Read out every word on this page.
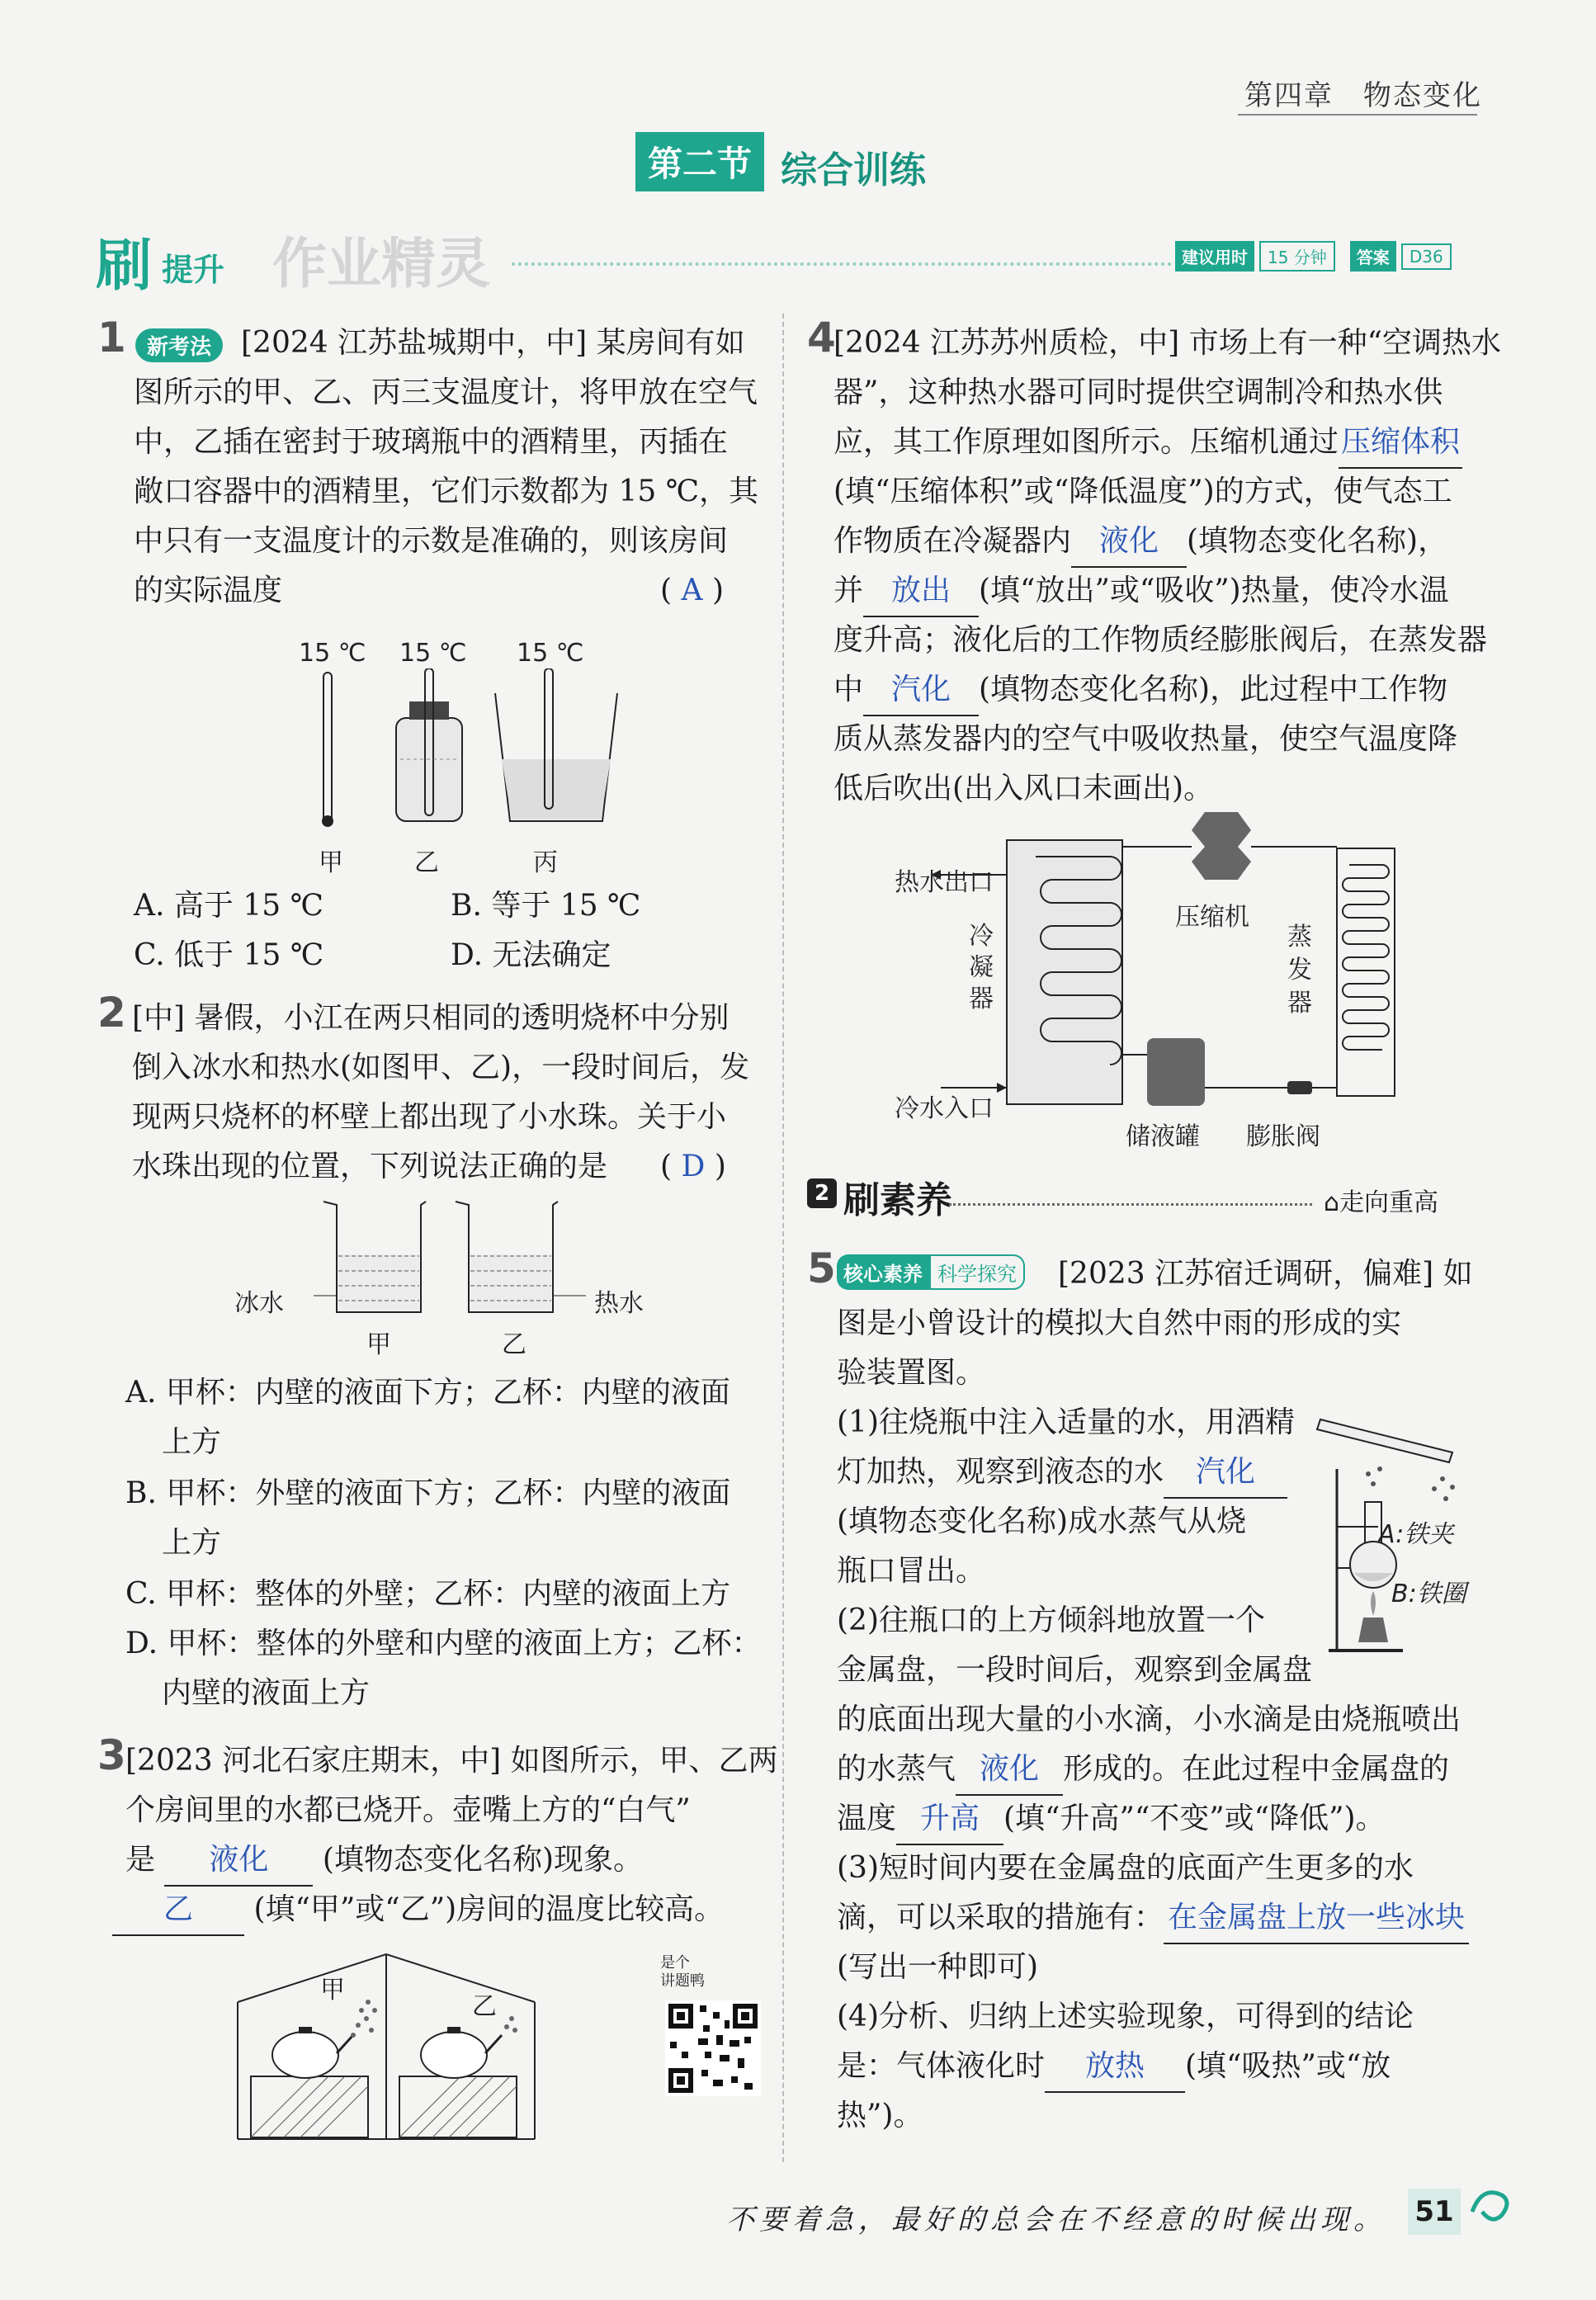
第四章　 物态变化
第二节 综合训练
刷 提升 作业精灵	建议用时	15 分钟	答案	D36
1 新考法 [2024 江苏盐城期中，中] 某房间有如
图所示的甲、乙、丙三支温度计，将甲放在空气
中，乙插在密封于玻璃瓶中的酒精里，丙插在
敞口容器中的酒精里，它们示数都为 15 ℃，其
中只有一支温度计的示数是准确的，则该房间
的实际温度	( A )
15 ℃ 15 ℃ 15 ℃
甲	乙	丙
A. 高于 15 ℃	B. 等于 15 ℃
C. 低于 15 ℃	D. 无法确定
2 [中] 暑假，小江在两只相同的透明烧杯中分别
倒入冰水和热水(如图甲、乙)，一段时间后，发
现两只烧杯的杯壁上都出现了小水珠。关于小
水珠出现的位置，下列说法正确的是 ( D )
冰水	热水
甲	乙
A. 甲杯：内壁的液面下方；乙杯：内壁的液面
上方
B. 甲杯：外壁的液面下方；乙杯：内壁的液面
上方
C. 甲杯：整体的外壁；乙杯：内壁的液面上方
D. 甲杯：整体的外壁和内壁的液面上方；乙杯：
内壁的液面上方
3 [2023 河北石家庄期末，中] 如图所示，甲、乙两
个房间里的水都已烧开。壶嘴上方的“白气”
是 液化 (填物态变化名称)现象。
乙 (填“甲”或“乙”)房间的温度比较高。
甲
乙
是个
讲题鸭
4
[2024 江苏苏州质检，中] 市场上有一种“空调热水
器”，这种热水器可同时提供空调制冷和热水供
应，其工作原理如图所示。压缩机通过压缩体积
(填“压缩体积”或“降低温度”)的方式，使气态工
作物质在冷凝器内 液化 (填物态变化名称)，
并 放出 (填“放出”或“吸收”)热量，使冷水温
度升高；液化后的工作物质经膨胀阀后，在蒸发器
中 汽化 (填物态变化名称)，此过程中工作物
质从蒸发器内的空气中吸收热量，使空气温度降
低后吹出(出入风口未画出)。
热水出口
冷
凝
器
压缩机
蒸
发
器
冷水入口
储液罐 膨胀阀
2 刷素养	⌂走向重高
5 核心素养 科学探究 [2023 江苏宿迁调研，偏难] 如
图是小曾设计的模拟大自然中雨的形成的实
验装置图。
(1)往烧瓶中注入适量的水，用酒精
灯加热，观察到液态的水 汽化
(填物态变化名称)成水蒸气从烧
瓶口冒出。
(2)往瓶口的上方倾斜地放置一个
金属盘，一段时间后，观察到金属盘
的底面出现大量的小水滴，小水滴是由烧瓶喷出
的水蒸气 液化 形成的。在此过程中金属盘的
温度 升高 (填“升高”“不变”或“降低”)。
(3)短时间内要在金属盘的底面产生更多的水
滴，可以采取的措施有： 在金属盘上放一些冰块
(写出一种即可)
(4)分析、归纳上述实验现象，可得到的结论
是：气体液化时 放热 (填“吸热”或“放
热”)。
A:铁夹
B:铁圈
不要着急，最好的总会在不经意的时候出现。 51
